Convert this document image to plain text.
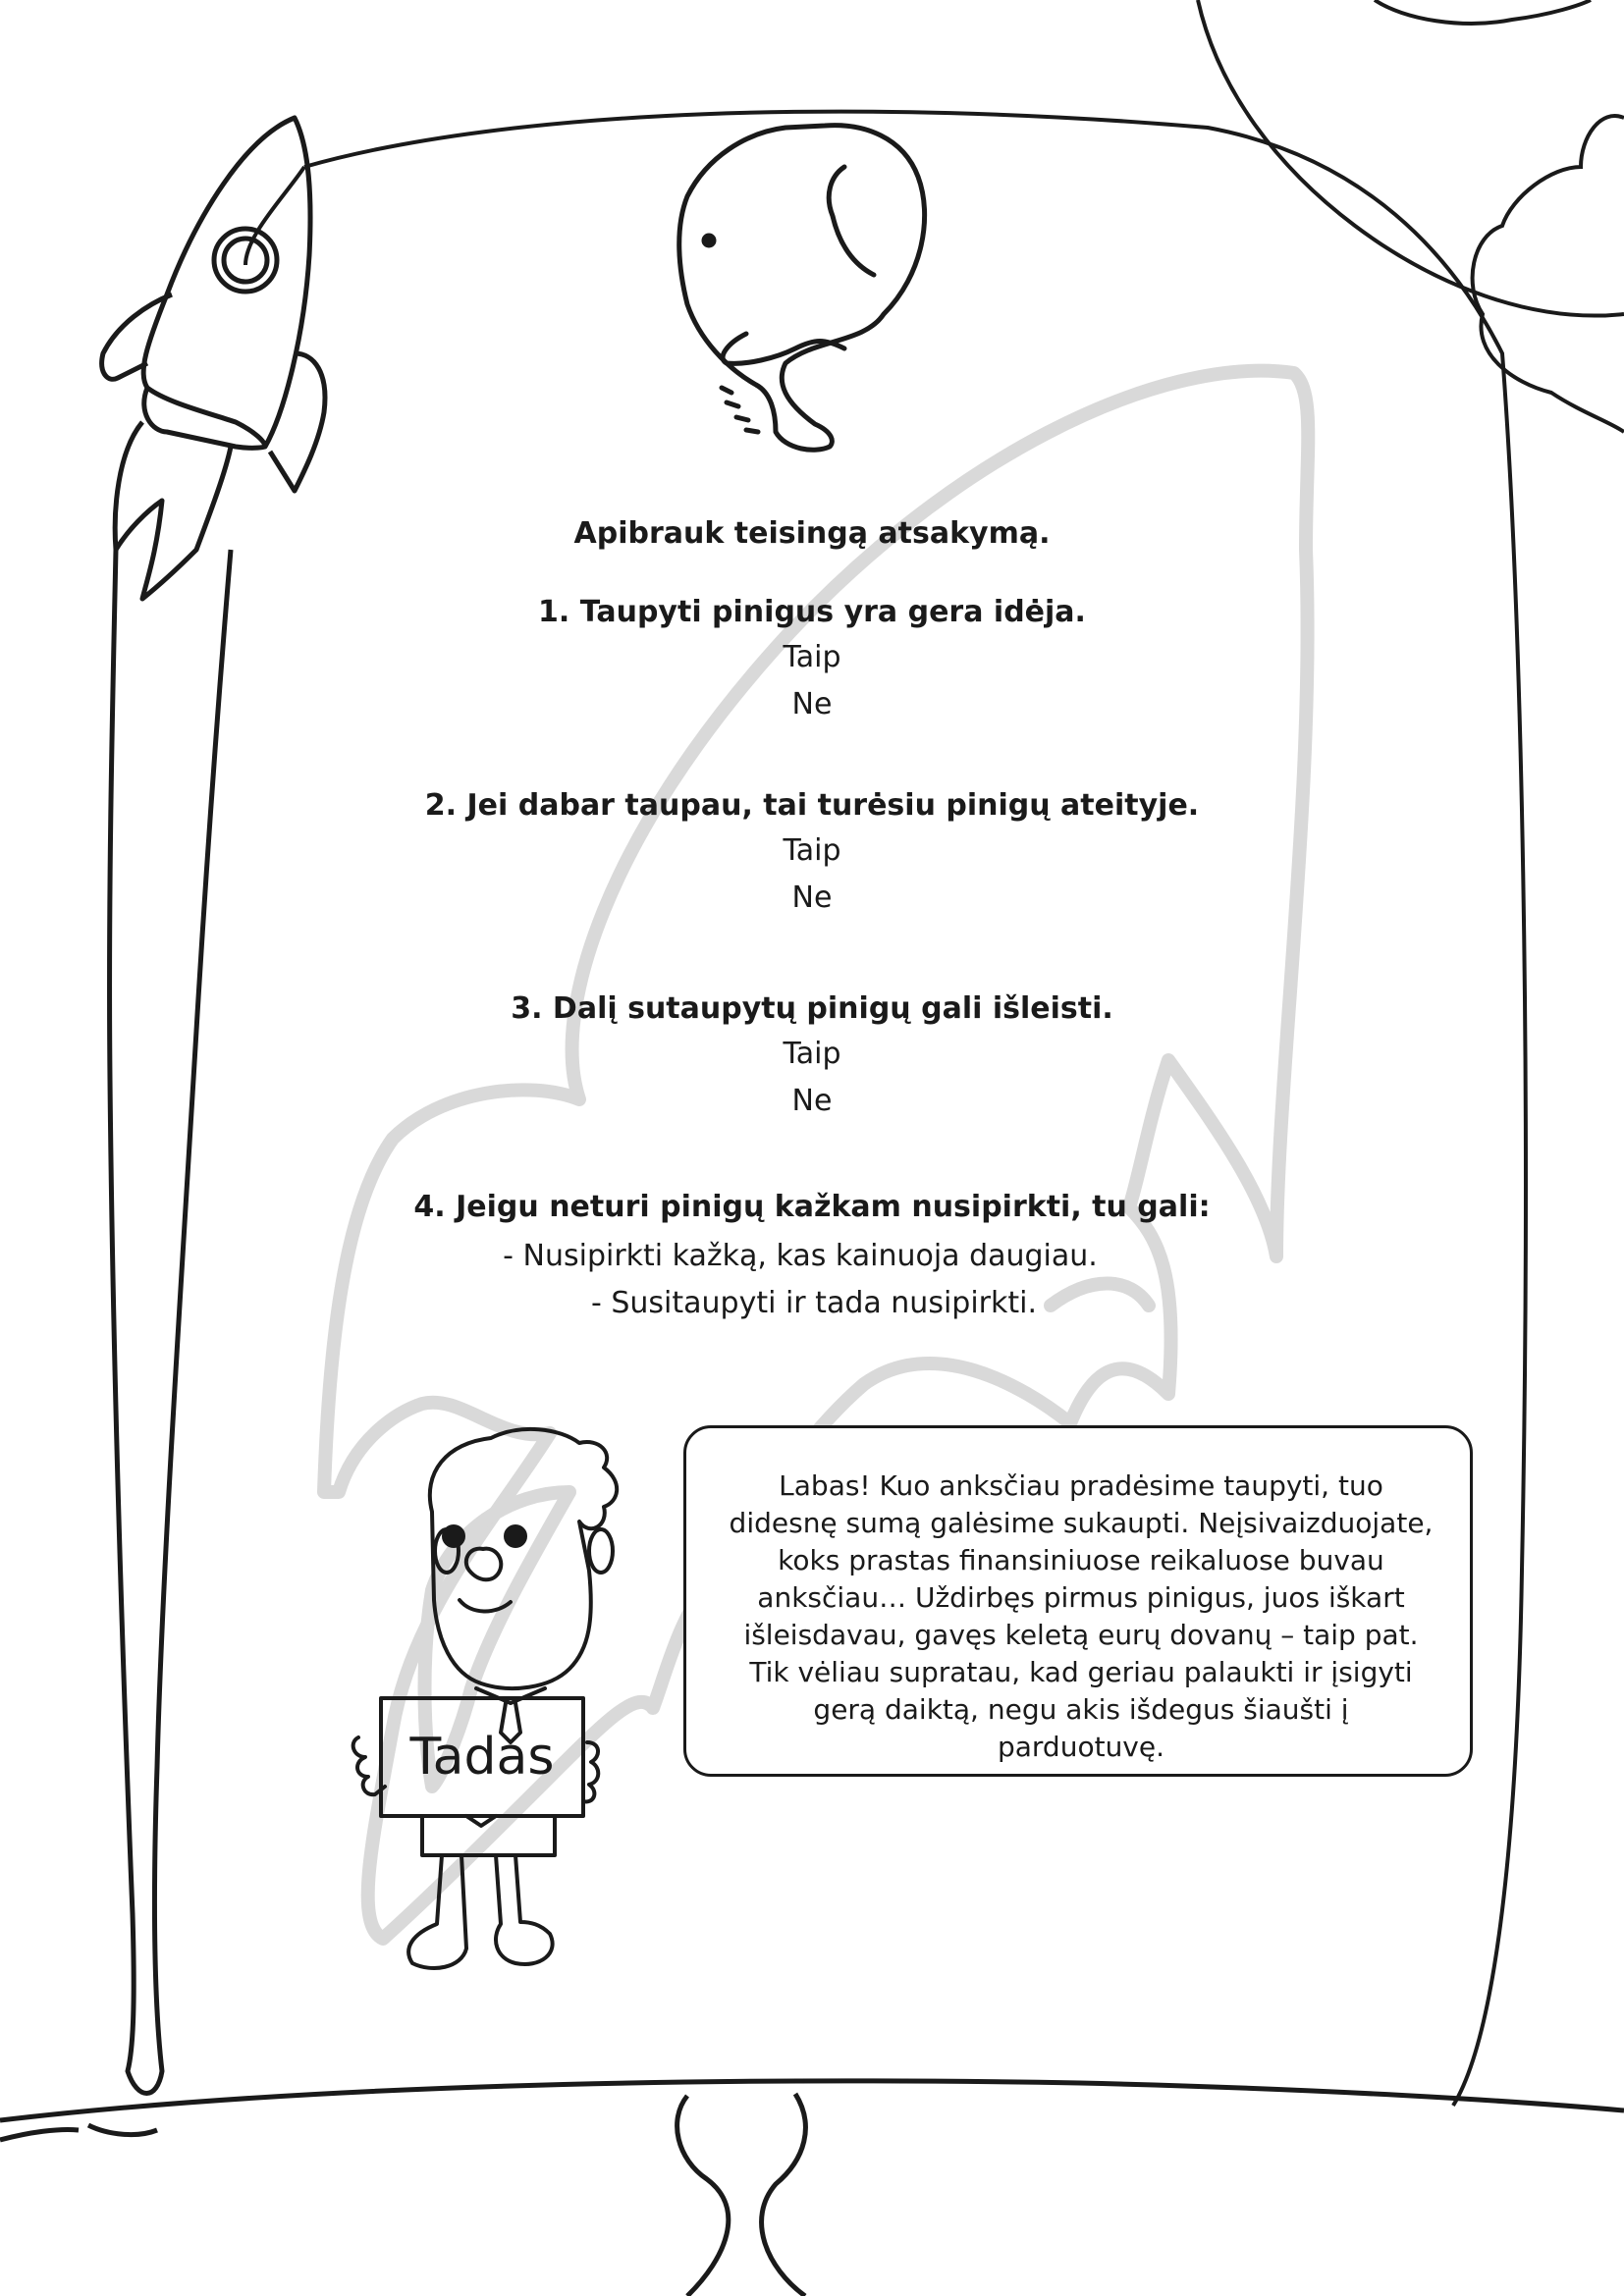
Apibrauk teisingą atsakymą.
1. Taupyti pinigus yra gera idėja.
Taip
Ne
2. Jei dabar taupau, tai turėsiu pinigų ateityje.
Taip
Ne
3. Dalį sutaupytų pinigų gali išleisti.
Taip
Ne
4. Jeigu neturi pinigų kažkam nusipirkti, tu gali:
- Nusipirkti kažką, kas kainuoja daugiau.
- Susitaupyti ir tada nusipirkti.
Labas! Kuo anksčiau pradėsime taupyti, tuo didesnę sumą galėsime sukaupti. Neįsivaizduojate, koks prastas finansiniuose reikaluose buvau anksčiau… Uždirbęs pirmus pinigus, juos iškart išleisdavau, gavęs keletą eurų dovanų – taip pat. Tik vėliau supratau, kad geriau palaukti ir įsigyti gerą daiktą, negu akis išdegus šiaušti į parduotuvę.
Tadas
